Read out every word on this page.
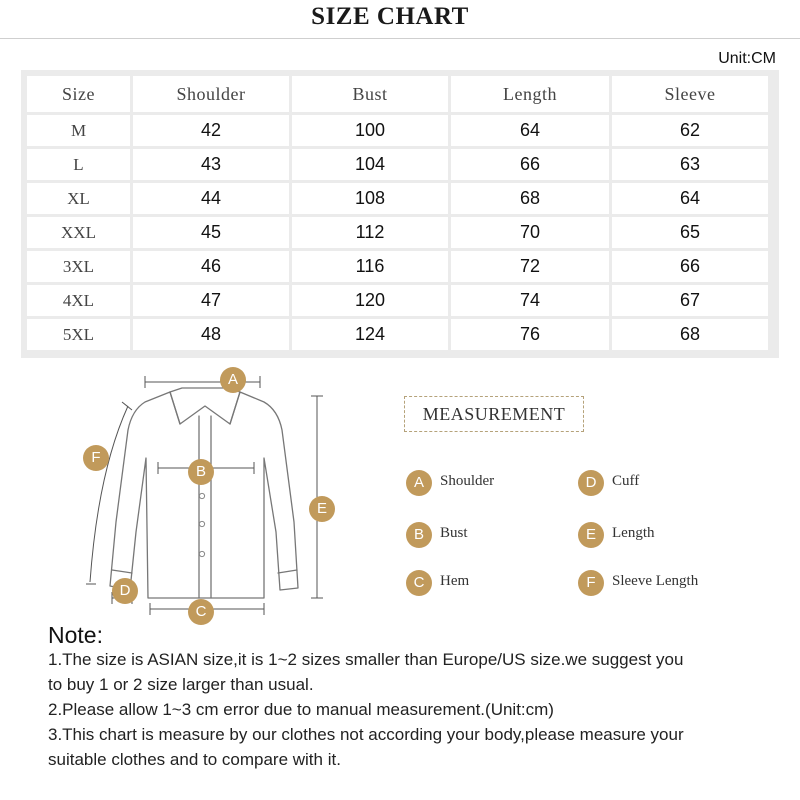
SIZE CHART
Unit:CM
Size	Shoulder	Bust	Length	Sleeve
M	42	100	64	62
L	43	104	66	63
XL	44	108	68	64
XXL	45	112	70	65
3XL	46	116	72	66
4XL	47	120	74	67
5XL	48	124	76	68
A
B
C
D
E
F
MEASUREMENT
A	Shoulder
B	Bust
C	Hem
D	Cuff
E	Length
F	Sleeve Length
Note:
1.The size is ASIAN size,it is 1~2 sizes smaller than Europe/US size.we suggest you
to buy 1 or 2 size larger than usual.
2.Please allow 1~3 cm error due to manual measurement.(Unit:cm)
3.This chart is measure by our clothes not according your body,please measure your
suitable clothes and to compare with it.
